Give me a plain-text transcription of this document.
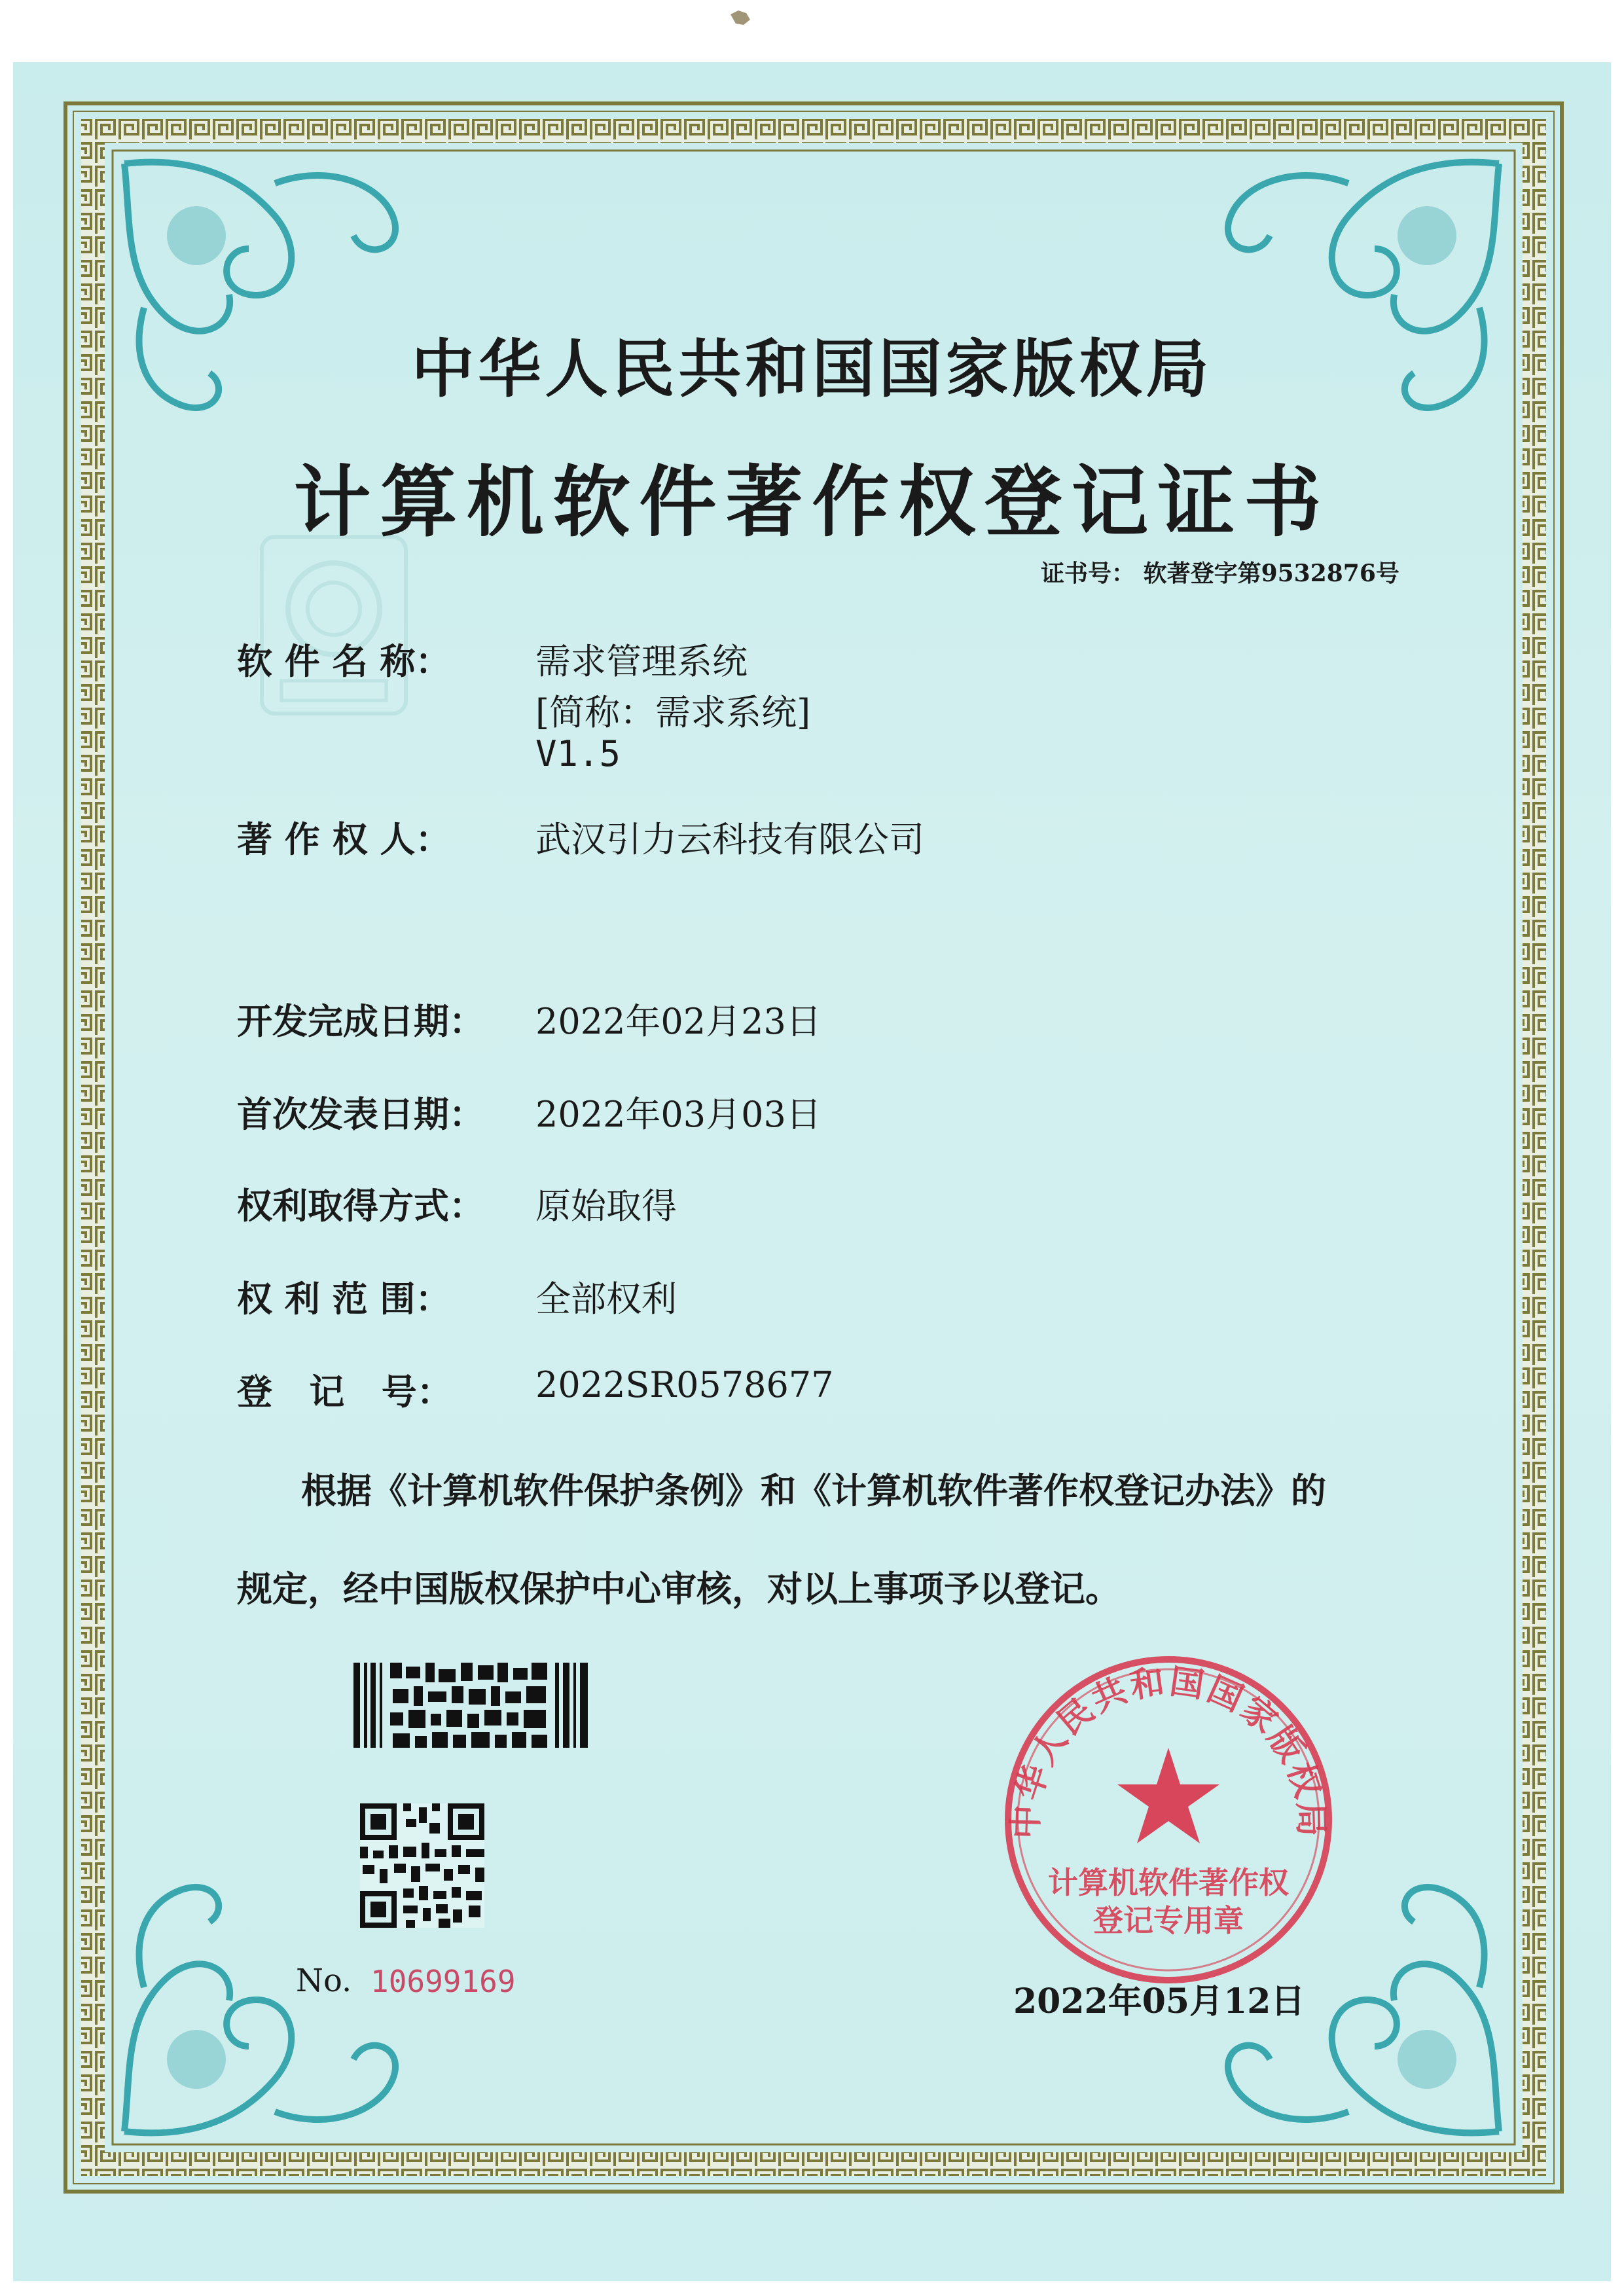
中华人民共和国国家版权局
计算机软件著作权登记证书
证书号： 软著登字第9532876号
软 件 名 称： 需求管理系统
[简称：需求系统]
V1.5
著 作 权 人： 武汉引力云科技有限公司
开发完成日期： 2022年02月23日
首次发表日期： 2022年03月03日
权利取得方式： 原始取得
权 利 范 围： 全部权利
登   记   号： 2022SR0578677
根据《计算机软件保护条例》和《计算机软件著作权登记办法》的
规定，经中国版权保护中心审核，对以上事项予以登记。
No. 10699169
中华人民共和国国家版权局
计算机软件著作权
登记专用章
2022年05月12日
